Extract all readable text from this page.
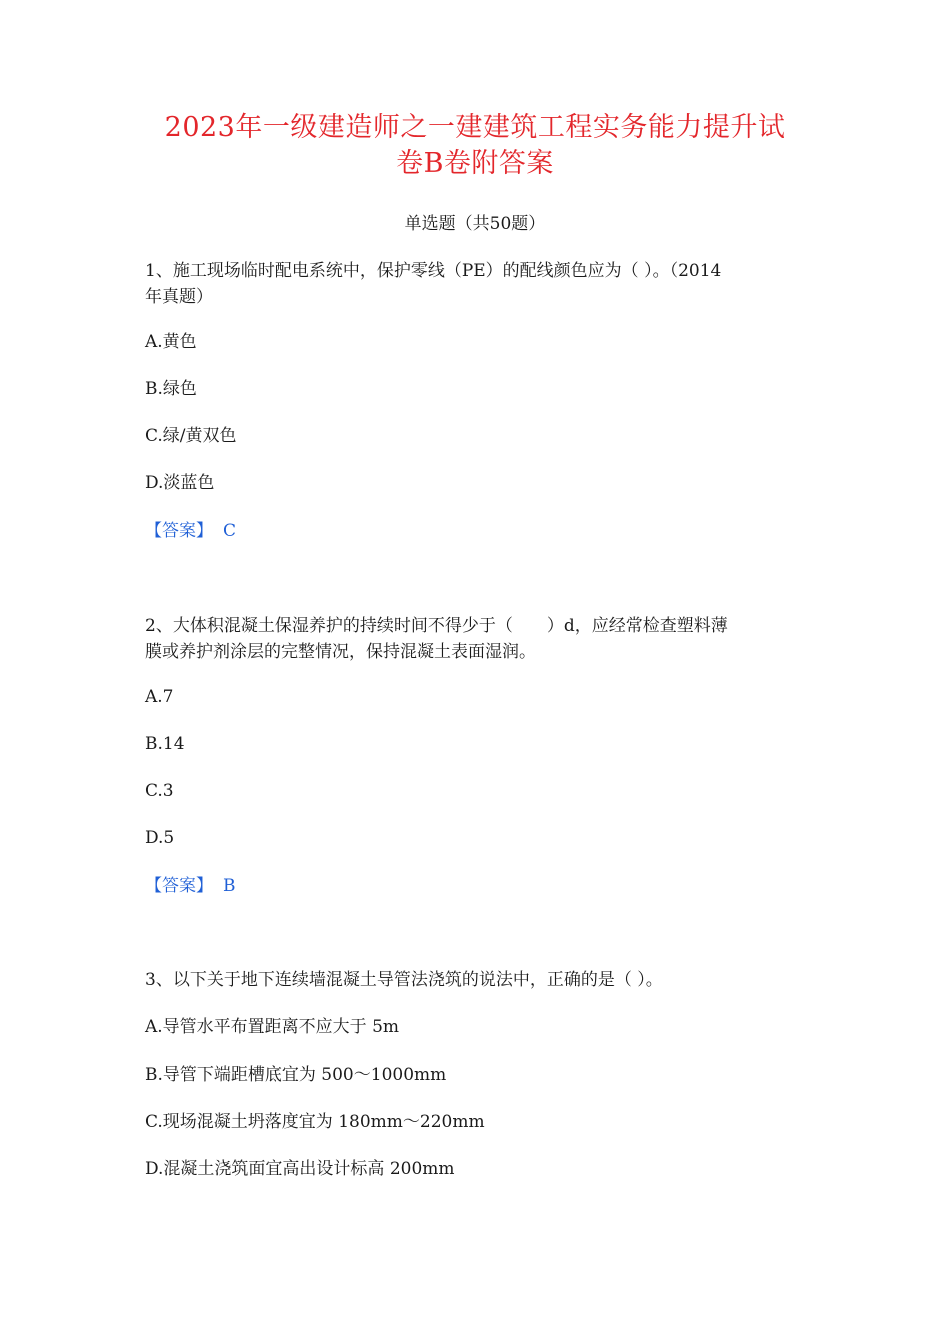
2023年一级建造师之一建建筑工程实务能力提升试
卷B卷附答案
单选题（共50题）
1、施工现场临时配电系统中，保护零线（PE）的配线颜色应为（ ）。（2014
年真题）
A.黄色
B.绿色
C.绿/黄双色
D.淡蓝色
【答案】 C
2、大体积混凝土保湿养护的持续时间不得少于（　　）d，应经常检查塑料薄
膜或养护剂涂层的完整情况，保持混凝土表面湿润。
A.7
B.14
C.3
D.5
【答案】 B
3、以下关于地下连续墙混凝土导管法浇筑的说法中，正确的是（ ）。
A.导管水平布置距离不应大于 5m
B.导管下端距槽底宜为 500～1000mm
C.现场混凝土坍落度宜为 180mm～220mm
D.混凝土浇筑面宜高出设计标高 200mm
